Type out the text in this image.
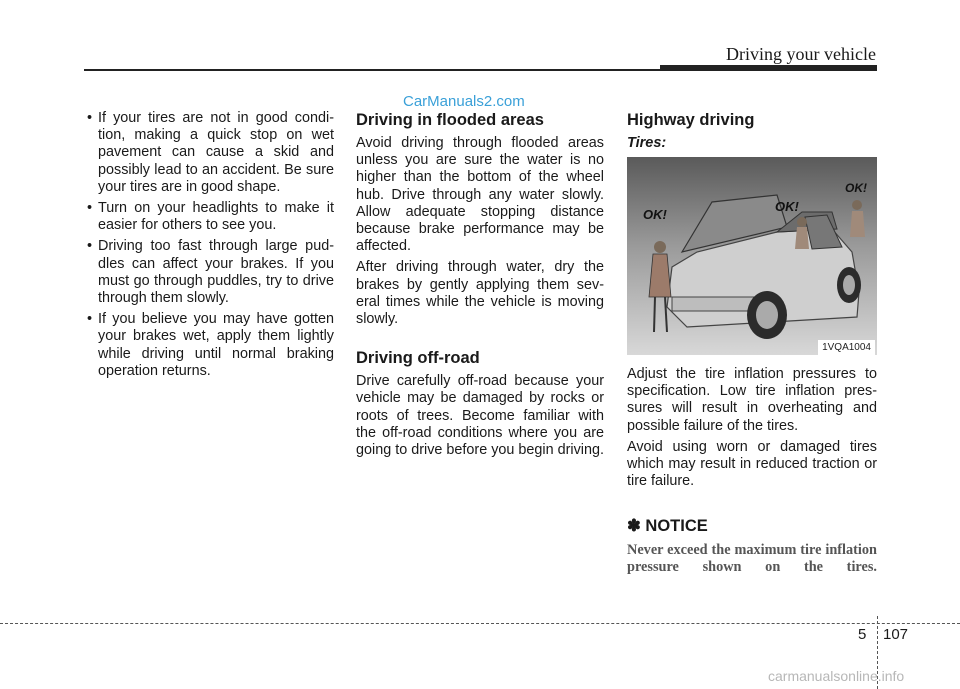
Driving your vehicle
CarManuals2.com
• If your tires are not in good condi-tion, making a quick stop on wet pavement can cause a skid and possibly lead to an accident. Be sure your tires are in good shape.
• Turn on your headlights to make it easier for others to see you.
• Driving too fast through large pud-dles can affect your brakes. If you must go through puddles, try to drive through them slowly.
• If you believe you may have gotten your brakes wet, apply them lightly while driving until normal braking operation returns.
Driving in flooded areas

Avoid driving through flooded areas unless you are sure the water is no higher than the bottom of the wheel hub. Drive through any water slowly. Allow adequate stopping distance because brake performance may be affected.

After driving through water, dry the brakes by gently applying them sev-eral times while the vehicle is moving slowly.

Driving off-road

Drive carefully off-road because your vehicle may be damaged by rocks or roots of trees. Become familiar with the off-road conditions where you are going to drive before you begin driving.

Highway driving
Tires:
OK!
OK!
OK!
1VQA1004

Adjust the tire inflation pressures to specification. Low tire inflation pres-sures will result in overheating and possible failure of the tires.

Avoid using worn or damaged tires which may result in reduced traction or tire failure.

✽ NOTICE

Never exceed the maximum tire inflation pressure shown on the tires.

5 107
carmanualsonline.info
